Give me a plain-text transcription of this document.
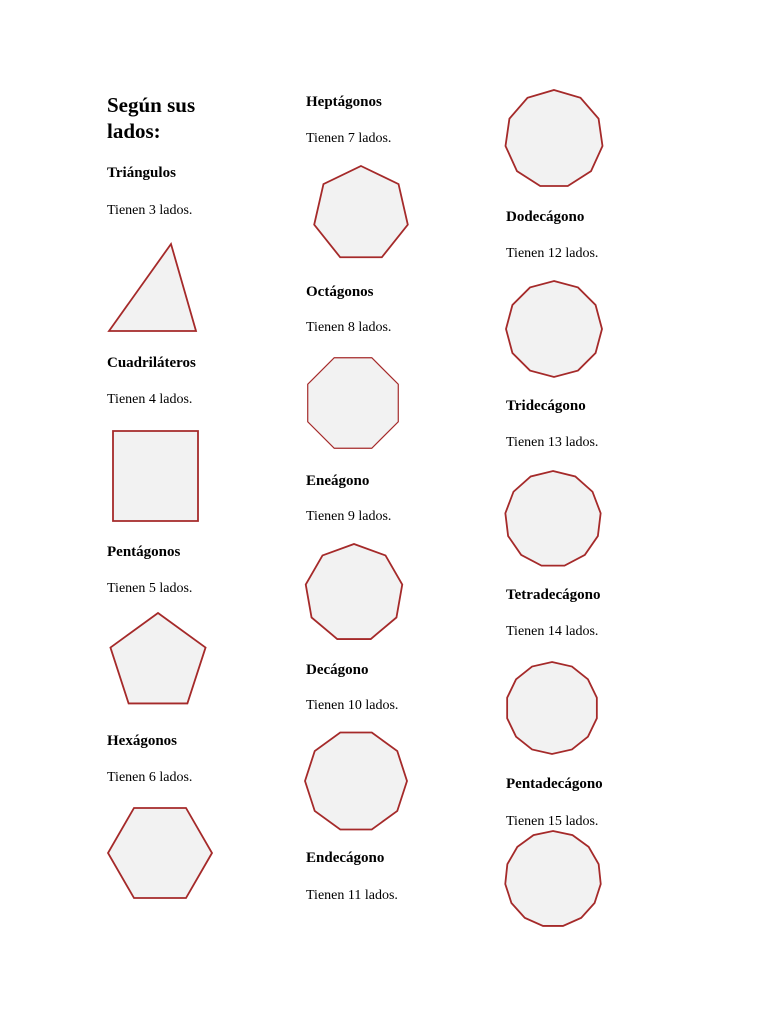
Según sus
lados:
Triángulos
Tienen 3 lados.
Cuadriláteros
Tienen 4 lados.
Pentágonos
Tienen 5 lados.
Hexágonos
Tienen 6 lados.
Heptágonos
Tienen 7 lados.
Octágonos
Tienen 8 lados.
Eneágono
Tienen 9 lados.
Decágono
Tienen 10 lados.
Endecágono
Tienen 11 lados.
Dodecágono
Tienen 12 lados.
Tridecágono
Tienen 13 lados.
Tetradecágono
Tienen 14 lados.
Pentadecágono
Tienen 15 lados.
